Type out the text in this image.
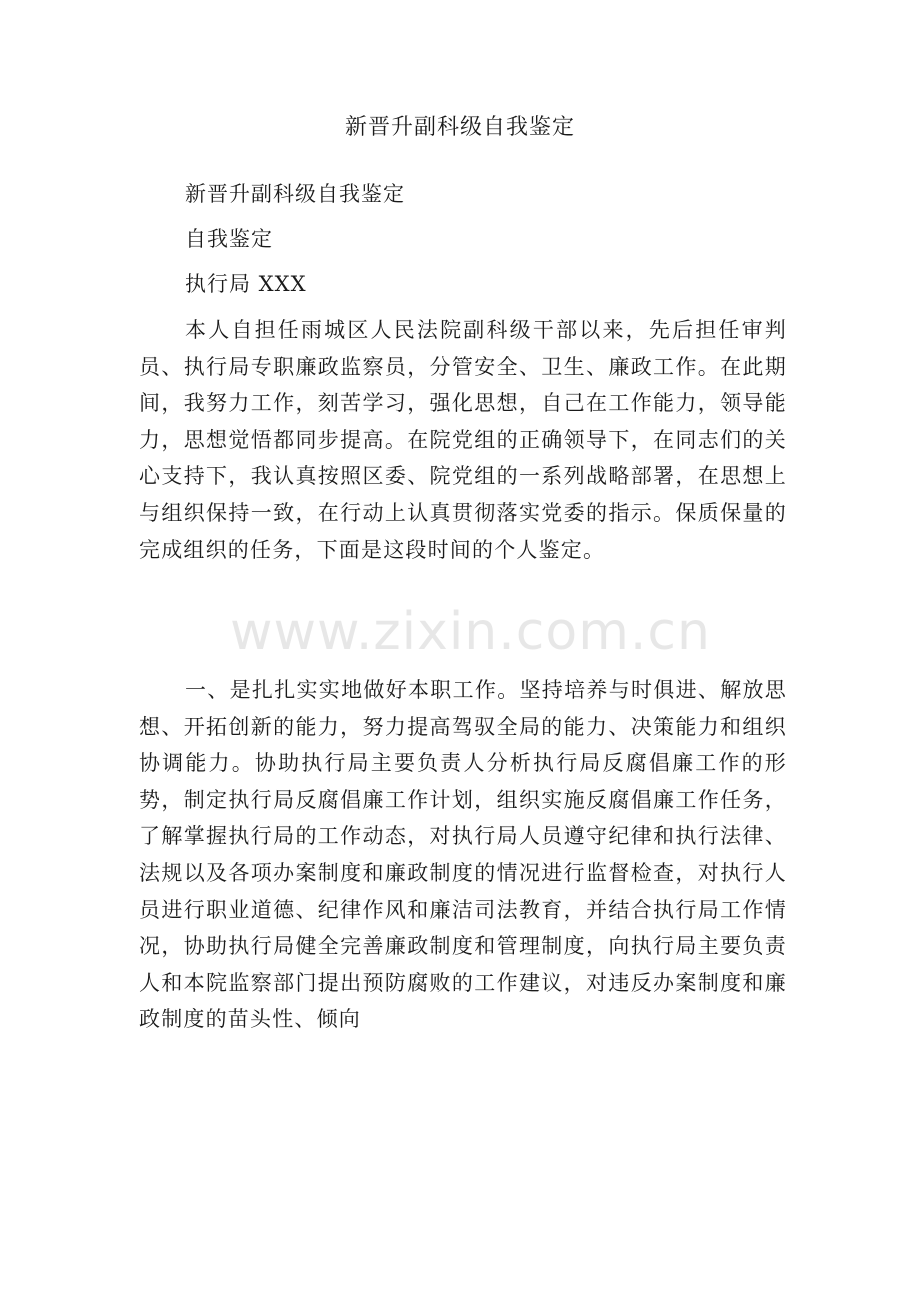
新晋升副科级自我鉴定
新晋升副科级自我鉴定
自我鉴定
执行局 XXX

本人自担任雨城区人民法院副科级干部以来，先后担任审判员、执行局专职廉政监察员，分管安全、卫生、廉政工作。在此期间，我努力工作，刻苦学习，强化思想，自己在工作能力，领导能力，思想觉悟都同步提高。在院党组的正确领导下，在同志们的关心支持下，我认真按照区委、院党组的一系列战略部署，在思想上与组织保持一致，在行动上认真贯彻落实党委的指示。保质保量的完成组织的任务，下面是这段时间的个人鉴定。

一、是扎扎实实地做好本职工作。坚持培养与时俱进、解放思想、开拓创新的能力，努力提高驾驭全局的能力、决策能力和组织协调能力。协助执行局主要负责人分析执行局反腐倡廉工作的形势，制定执行局反腐倡廉工作计划，组织实施反腐倡廉工作任务，了解掌握执行局的工作动态，对执行局人员遵守纪律和执行法律、法规以及各项办案制度和廉政制度的情况进行监督检查，对执行人员进行职业道德、纪律作风和廉洁司法教育，并结合执行局工作情况，协助执行局健全完善廉政制度和管理制度，向执行局主要负责人和本院监察部门提出预防腐败的工作建议，对违反办案制度和廉政制度的苗头性、倾向

www.zixin.com.cn
